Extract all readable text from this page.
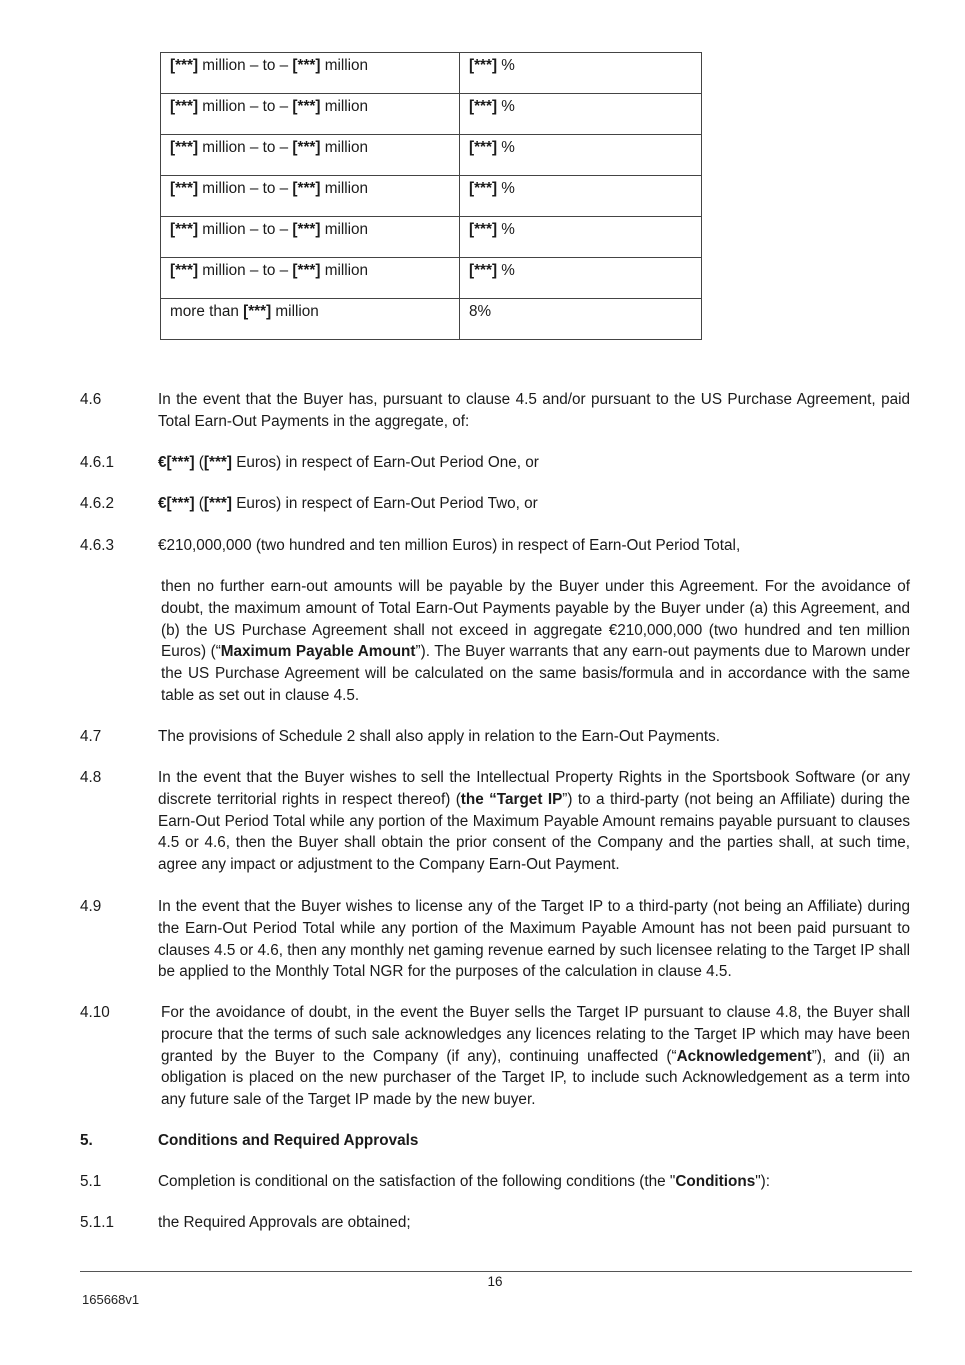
[***] million – to – [***] million	[***] %
[***] million – to – [***] million	[***] %
[***] million – to – [***] million	[***] %
[***] million – to – [***] million	[***] %
[***] million – to – [***] million	[***] %
[***] million – to – [***] million	[***] %
more than [***] million	8%
4.6	In the event that the Buyer has, pursuant to clause 4.5 and/or pursuant to the US Purchase Agreement, paid Total Earn-Out Payments in the aggregate, of:
4.6.1	€[***] ([***] Euros) in respect of Earn-Out Period One, or
4.6.2	€[***] ([***] Euros) in respect of Earn-Out Period Two, or
4.6.3	€210,000,000 (two hundred and ten million Euros) in respect of Earn-Out Period Total,
then no further earn-out amounts will be payable by the Buyer under this Agreement. For the avoidance of doubt, the maximum amount of Total Earn-Out Payments payable by the Buyer under (a) this Agreement, and (b) the US Purchase Agreement shall not exceed in aggregate €210,000,000 (two hundred and ten million Euros) (“Maximum Payable Amount”). The Buyer warrants that any earn-out payments due to Marown under the US Purchase Agreement will be calculated on the same basis/formula and in accordance with the same table as set out in clause 4.5.
4.7	The provisions of Schedule 2 shall also apply in relation to the Earn-Out Payments.
4.8	In the event that the Buyer wishes to sell the Intellectual Property Rights in the Sportsbook Software (or any discrete territorial rights in respect thereof) (the “Target IP”) to a third-party (not being an Affiliate) during the Earn-Out Period Total while any portion of the Maximum Payable Amount remains payable pursuant to clauses 4.5 or 4.6, then the Buyer shall obtain the prior consent of the Company and the parties shall, at such time, agree any impact or adjustment to the Company Earn-Out Payment.
4.9	In the event that the Buyer wishes to license any of the Target IP to a third-party (not being an Affiliate) during the Earn-Out Period Total while any portion of the Maximum Payable Amount has not been paid pursuant to clauses 4.5 or 4.6, then any monthly net gaming revenue earned by such licensee relating to the Target IP shall be applied to the Monthly Total NGR for the purposes of the calculation in clause 4.5.
4.10	For the avoidance of doubt, in the event the Buyer sells the Target IP pursuant to clause 4.8, the Buyer shall procure that the terms of such sale acknowledges any licences relating to the Target IP which may have been granted by the Buyer to the Company (if any), continuing unaffected (“Acknowledgement”), and (ii) an obligation is placed on the new purchaser of the Target IP, to include such Acknowledgement as a term into any future sale of the Target IP made by the new buyer.
5.	Conditions and Required Approvals
5.1	Completion is conditional on the satisfaction of the following conditions (the "Conditions"):
5.1.1	the Required Approvals are obtained;
16
165668v1
